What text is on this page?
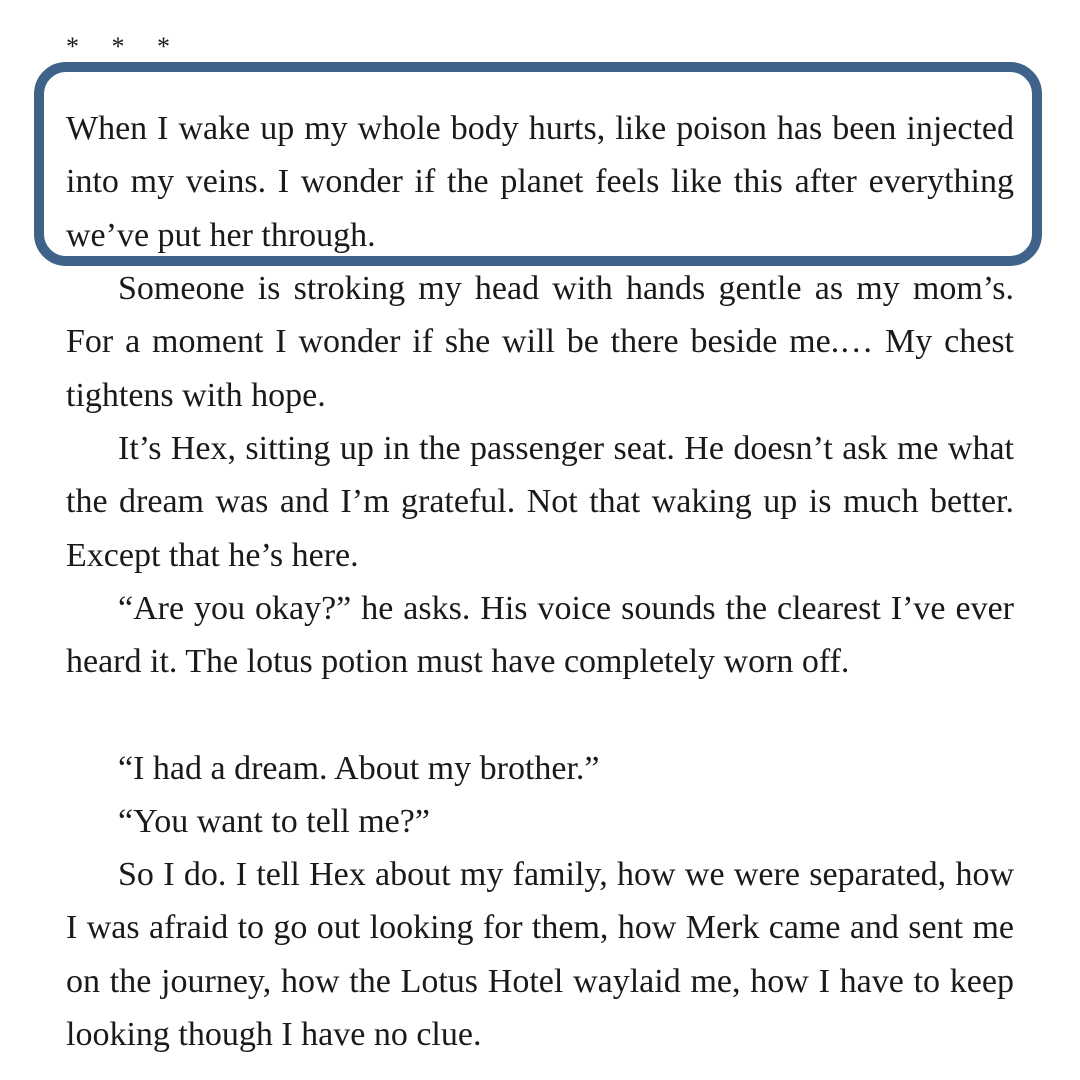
* * *

When I wake up my whole body hurts, like poison has been injected into my veins. I wonder if the planet feels like this after everything we’ve put her through.

Someone is stroking my head with hands gentle as my mom’s. For a moment I wonder if she will be there beside me.… My chest tightens with hope.

It’s Hex, sitting up in the passenger seat. He doesn’t ask me what the dream was and I’m grateful. Not that waking up is much better. Except that he’s here.

“Are you okay?” he asks. His voice sounds the clearest I’ve ever heard it. The lotus potion must have completely worn off.

“I had a dream. About my brother.”

“You want to tell me?”

So I do. I tell Hex about my family, how we were separated, how I was afraid to go out looking for them, how Merk came and sent me on the journey, how the Lotus Hotel waylaid me, how I have to keep looking though I have no clue.
